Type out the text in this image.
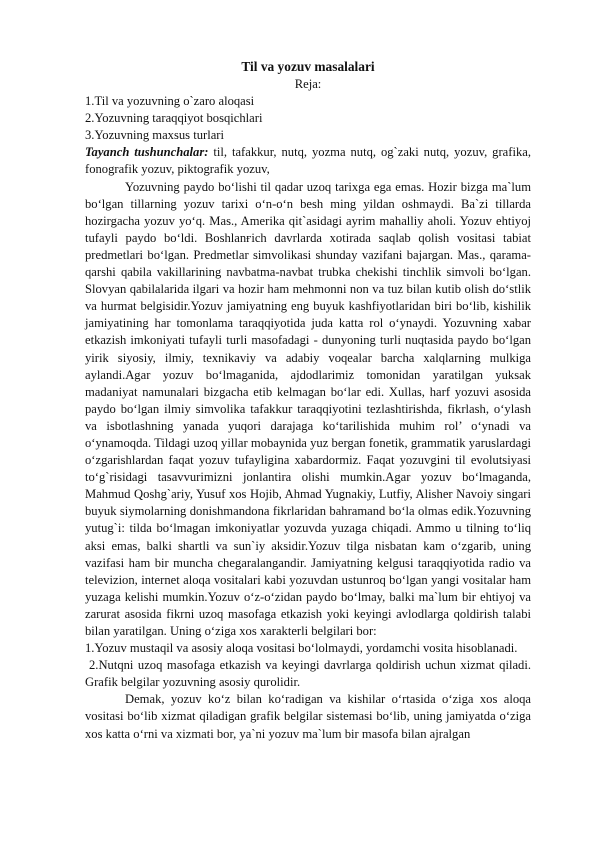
Til va yozuv masalalari

Reja:

1.Til va yozuvning o`zaro aloqasi

2.Yozuvning taraqqiyot bosqichlari

3.Yozuvning maxsus turlari

Tayanch tushunchalar: til, tafakkur, nutq, yozma nutq, og`zaki nutq, yozuv, grafika, fonografik yozuv, piktografik yozuv,

Yozuvning paydo bo‘lishi til qadar uzoq tarixga ega emas. Hozir bizga ma`lum bo‘lgan tillarning yozuv tarixi o‘n-o‘n besh ming yildan oshmaydi. Ba`zi tillarda hozirgacha yozuv yo‘q. Mas., Amerika qit`asidagi ayrim mahalliy aholi. Yozuv ehtiyoj tufayli paydo bo‘ldi. Boshlanғich davrlarda xotirada saqlab qolish vositasi tabiat predmetlari bo‘lgan. Predmetlar simvolikasi shunday vazifani bajargan. Mas., qarama-qarshi qabila vakillarining navbatma-navbat trubka chekishi tinchlik simvoli bo‘lgan. Slovyan qabilalarida ilgari va hozir ham mehmonni non va tuz bilan kutib olish do‘stlik va hurmat belgisidir.Yozuv jamiyatning eng buyuk kashfiyotlaridan biri bo‘lib, kishilik jamiyatining har tomonlama taraqqiyotida juda katta rol o‘ynaydi. Yozuvning xabar etkazish imkoniyati tufayli turli masofadagi - dunyoning turli nuqtasida paydo bo‘lgan yirik siyosiy, ilmiy, texnikaviy va adabiy voqealar barcha xalqlarning mulkiga aylandi.Agar yozuv bo‘lmaganida, ajdodlarimiz tomonidan yaratilgan yuksak madaniyat namunalari bizgacha etib kelmagan bo‘lar edi. Xullas, harf yozuvi asosida paydo bo‘lgan ilmiy simvolika tafakkur taraqqiyotini tezlashtirishda, fikrlash, o‘ylash va isbotlashning yanada yuqori darajaga ko‘tarilishida muhim rol’ o‘ynadi va o‘ynamoqda. Tildagi uzoq yillar mobaynida yuz bergan fonetik, grammatik yaruslardagi o‘zgarishlardan faqat yozuv tufayligina xabardormiz. Faqat yozuvgini til evolutsiyasi to‘g`risidagi tasavvurimizni jonlantira olishi mumkin.Agar yozuv bo‘lmaganda, Mahmud Qoshg`ariy, Yusuf xos Hojib, Ahmad Yugnakiy, Lutfiy, Alisher Navoiy singari buyuk siymolarning donishmandona fikrlaridan bahramand bo‘la olmas edik.Yozuvning yutug`i: tilda bo‘lmagan imkoniyatlar yozuvda yuzaga chiqadi. Ammo u tilning to‘liq aksi emas, balki shartli va sun`iy aksidir.Yozuv tilga nisbatan kam o‘zgarib, uning vazifasi ham bir muncha chegaralangandir. Jamiyatning kelgusi taraqqiyotida radio va televizion, internet aloqa vositalari kabi yozuvdan ustunroq bo‘lgan yangi vositalar ham yuzaga kelishi mumkin.Yozuv o‘z-o‘zidan paydo bo‘lmay, balki ma`lum bir ehtiyoj va zarurat asosida fikrni uzoq masofaga etkazish yoki keyingi avlodlarga qoldirish talabi bilan yaratilgan. Uning o‘ziga xos xarakterli belgilari bor:

1.Yozuv mustaqil va asosiy aloqa vositasi bo‘lolmaydi, yordamchi vosita hisoblanadi.

2.Nutqni uzoq masofaga etkazish va keyingi davrlarga qoldirish uchun xizmat qiladi. Grafik belgilar yozuvning asosiy qurolidir.

Demak, yozuv ko‘z bilan ko‘radigan va kishilar o‘rtasida o‘ziga xos aloqa vositasi bo‘lib xizmat qiladigan grafik belgilar sistemasi bo‘lib, uning jamiyatda o‘ziga xos katta o‘rni va xizmati bor, ya`ni yozuv ma`lum bir masofa bilan ajralgan
